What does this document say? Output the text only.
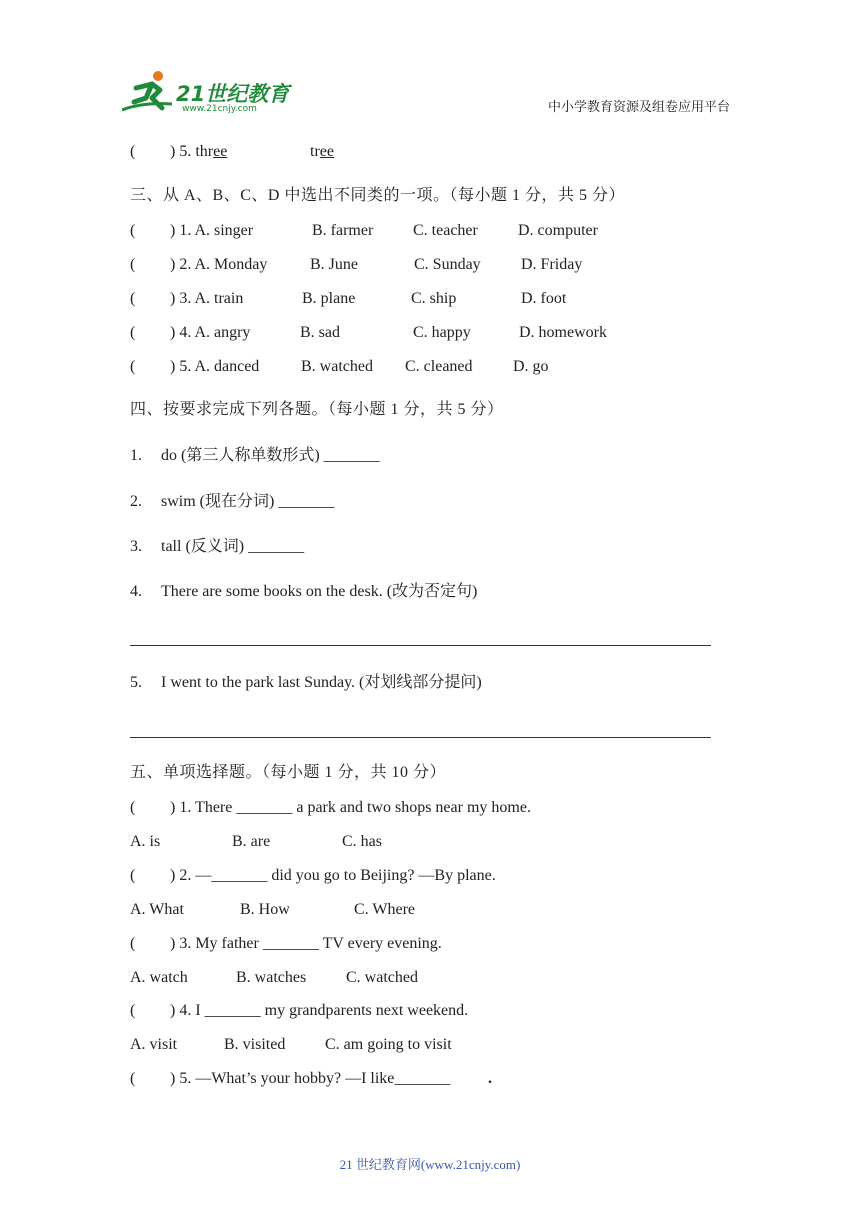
21世纪教育
www.21cnjy.com	中小学教育资源及组卷应用平台
( ) 5. three	tree
三、从 A、B、C、D 中选出不同类的一项。（每小题 1 分，共 5 分）
( ) 1. A. singer	B. farmer C. teacher	D. computer
( ) 2. A. Monday	B. June	C. Sunday	D. Friday
( ) 3. A. train	B. plane	C. ship	D. foot
( ) 4. A. angry	B. sad	C. happy	D. homework
( ) 5. A. danced	B. watched C. cleaned	D. go
四、按要求完成下列各题。（每小题 1 分，共 5 分）
1. do (第三人称单数形式) _______
2. swim (现在分词) _______
3. tall (反义词) _______
4. There are some books on the desk. (改为否定句)
5. I went to the park last Sunday. (对划线部分提问)
五、单项选择题。（每小题 1 分，共 10 分）
( ) 1. There _______ a park and two shops near my home.
A. is	B. are	C. has
( ) 2. —_______ did you go to Beijing? —By plane.
A. What	B. How	C. Where
( ) 3. My father _______ TV every evening.
A. watch	B. watches C. watched
( ) 4. I _______ my grandparents next weekend.
A. visit	B. visited C. am going to visit
( ) 5. —What’s your hobby? —I like_______ .
21 世纪教育网(www.21cnjy.com)
